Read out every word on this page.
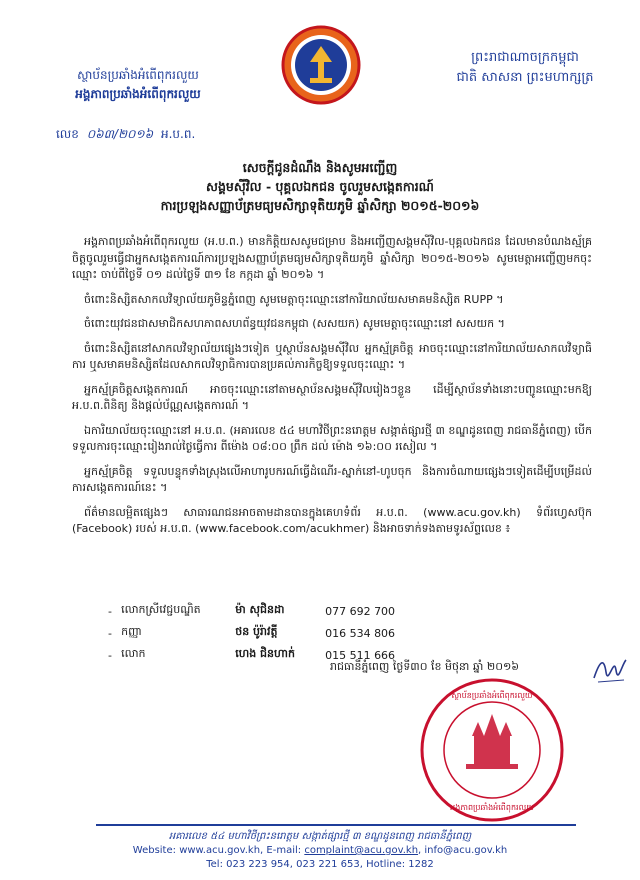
ព្រះរាជាណាចក្រកម្ពុជា
ជាតិ សាសនា ព្រះមហាក្សត្រ
ស្ថាប័នប្រឆាំងអំពើពុករលួយ
អង្គភាពប្រឆាំងអំពើពុករលួយ
លេខ ០៦៣/២០១៦ អ.ប.ព.
សេចក្តីជូនដំណឹង និងសូមអញ្ជើញ
សង្គមស៊ីវិល - បុគ្គលឯកជន ចូលរួមសង្កេតការណ៍
ការប្រឡងសញ្ញាប័ត្រមធ្យមសិក្សាទុតិយភូមិ ឆ្នាំសិក្សា ២០១៥-២០១៦

អង្គភាពប្រឆាំងអំពើពុករលួយ (អ.ប.ព.) មានកិត្តិយសសូមជម្រាប និងអញ្ជើញសង្គមស៊ីវិល-បុគ្គលឯកជន ដែលមានបំណងស្ម័គ្រចិត្តចូលរួមធ្វើជាអ្នកសង្កេតការណ៍ការប្រឡងសញ្ញាប័ត្រមធ្យមសិក្សាទុតិយភូមិ ឆ្នាំសិក្សា ២០១៥-២០១៦ សូមមេត្តាអញ្ជើញមកចុះឈ្មោះ ចាប់ពីថ្ងៃទី ០១ ដល់ថ្ងៃទី ៣១ ខែ កក្កដា ឆ្នាំ ២០១៦ ។

ចំពោះនិស្សិតសាកលវិទ្យាល័យភូមិន្ទភ្នំពេញ សូមមេត្តាចុះឈ្មោះនៅការិយាល័យសមាគមនិស្សិត RUPP ។

ចំពោះយុវជនជាសមាជិកសហភាពសហព័ន្ធយុវជនកម្ពុជា (សសយក) សូមមេត្តាចុះឈ្មោះនៅ សសយក ។

ចំពោះនិស្សិតនៅសាកលវិទ្យាល័យផ្សេងៗទៀត ឬស្ថាប័នសង្គមស៊ីវិល អ្នកស្ម័គ្រចិត្ត អាចចុះឈ្មោះនៅការិយាល័យសាកលវិទ្យាធិការ ឬសមាគមនិស្សិតដែលសាកលវិទ្យាធិការបានប្រគល់ភារកិច្ចឱ្យទទួលចុះឈ្មោះ ។

អ្នកស្ម័គ្រចិត្តសង្កេតការណ៍ អាចចុះឈ្មោះនៅតាមស្ថាប័នសង្គមស៊ីវិលរៀងៗខ្លួន ដើម្បីស្ថាប័នទាំងនោះបញ្ជូនឈ្មោះមកឱ្យ អ.ប.ព.ពិនិត្យ និងផ្តល់ប័ណ្ណសង្កេតការណ៍ ។

ឯការិយាល័យចុះឈ្មោះនៅ អ.ប.ព. (អគារលេខ ៥៤ មហាវិថីព្រះនរោត្តម សង្កាត់ផ្សារថ្មី ៣ ខណ្ឌដូនពេញ រាជធានីភ្នំពេញ) បើកទទួលការចុះឈ្មោះរៀងរាល់ថ្ងៃធ្វើការ ពីម៉ោង ០៨:០០ ព្រឹក ដល់ ម៉ោង ១៦:០០ រសៀល ។

អ្នកស្ម័គ្រចិត្ត ទទួលបន្ទុកទាំងស្រុងលើអាហារូបករណ៍ធ្វើដំណើរ-ស្នាក់នៅ-ហូបចុក និងការចំណាយផ្សេងៗទៀតដើម្បីបម្រើដល់ការសង្កេតការណ៍នេះ ។

ព័ត៌មានលម្អិតផ្សេងៗ សាធារណជនអាចតាមដានបានក្នុងគេហទំព័រ អ.ប.ព. (www.acu.gov.kh) ទំព័រហ្វេសប៊ុក (Facebook) របស់ អ.ប.ព. (www.facebook.com/acukhmer) និងអាចទាក់ទងតាមទូរស័ព្ទលេខ ៖

- លោកស្រីវេជ្ជបណ្ឌិត	ម៉ា សុជិនដា	077 692 700
- កញ្ញា	ថន ប៉ូរ៉ាវត្តី	016 534 806
- លោក	ហេង ជិនហាក់	015 511 666
រាជធានីភ្នំពេញ ថ្ងៃទី៣០ ខែ មិថុនា ឆ្នាំ ២០១៦
ស្ថាប័នប្រឆាំងអំពើពុករលួយ
អង្គភាពប្រឆាំងអំពើពុករលួយ
អគារលេខ ៥៤ មហាវិថីព្រះនរោត្តម សង្កាត់ផ្សារថ្មី ៣ ខណ្ឌដូនពេញ រាជធានីភ្នំពេញ
Website: www.acu.gov.kh, E-mail: complaint@acu.gov.kh, info@acu.gov.kh
Tel: 023 223 954, 023 221 653, Hotline: 1282
